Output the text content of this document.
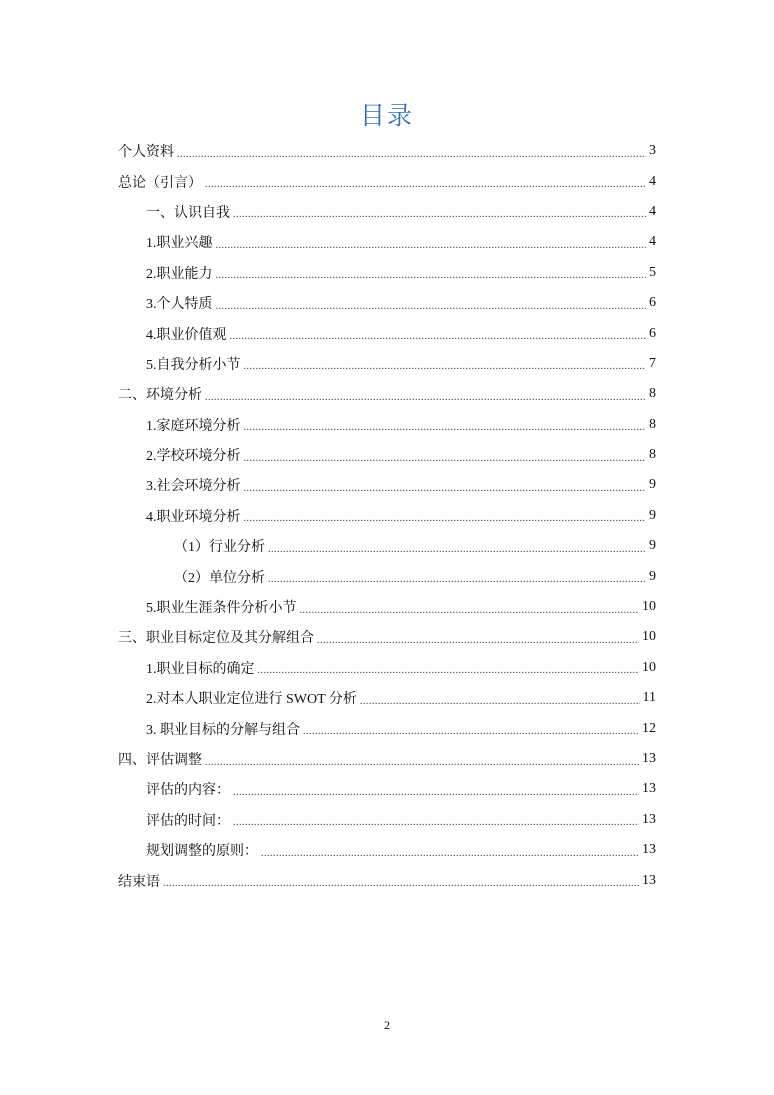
目录
个人资料 .....	3
总论（引言） .....	4
一、认识自我 .....	4
1.职业兴趣 .....	4
2.职业能力 .....	5
3.个人特质 .....	6
4.职业价值观 .....	6
5.自我分析小节 .....	7
二、环境分析 .....	8
1.家庭环境分析 .....	8
2.学校环境分析 .....	8
3.社会环境分析 .....	9
4.职业环境分析 .....	9
（1）行业分析 .....	9
（2）单位分析 .....	9
5.职业生涯条件分析小节 .....	10
三、职业目标定位及其分解组合 .....	10
1.职业目标的确定 .....	10
2.对本人职业定位进行 SWOT 分析 .....	11
3. 职业目标的分解与组合 .....	12
四、评估调整 .....	13
评估的内容： .....	13
评估的时间： .....	13
规划调整的原则： .....	13
结束语 .....	13
2
